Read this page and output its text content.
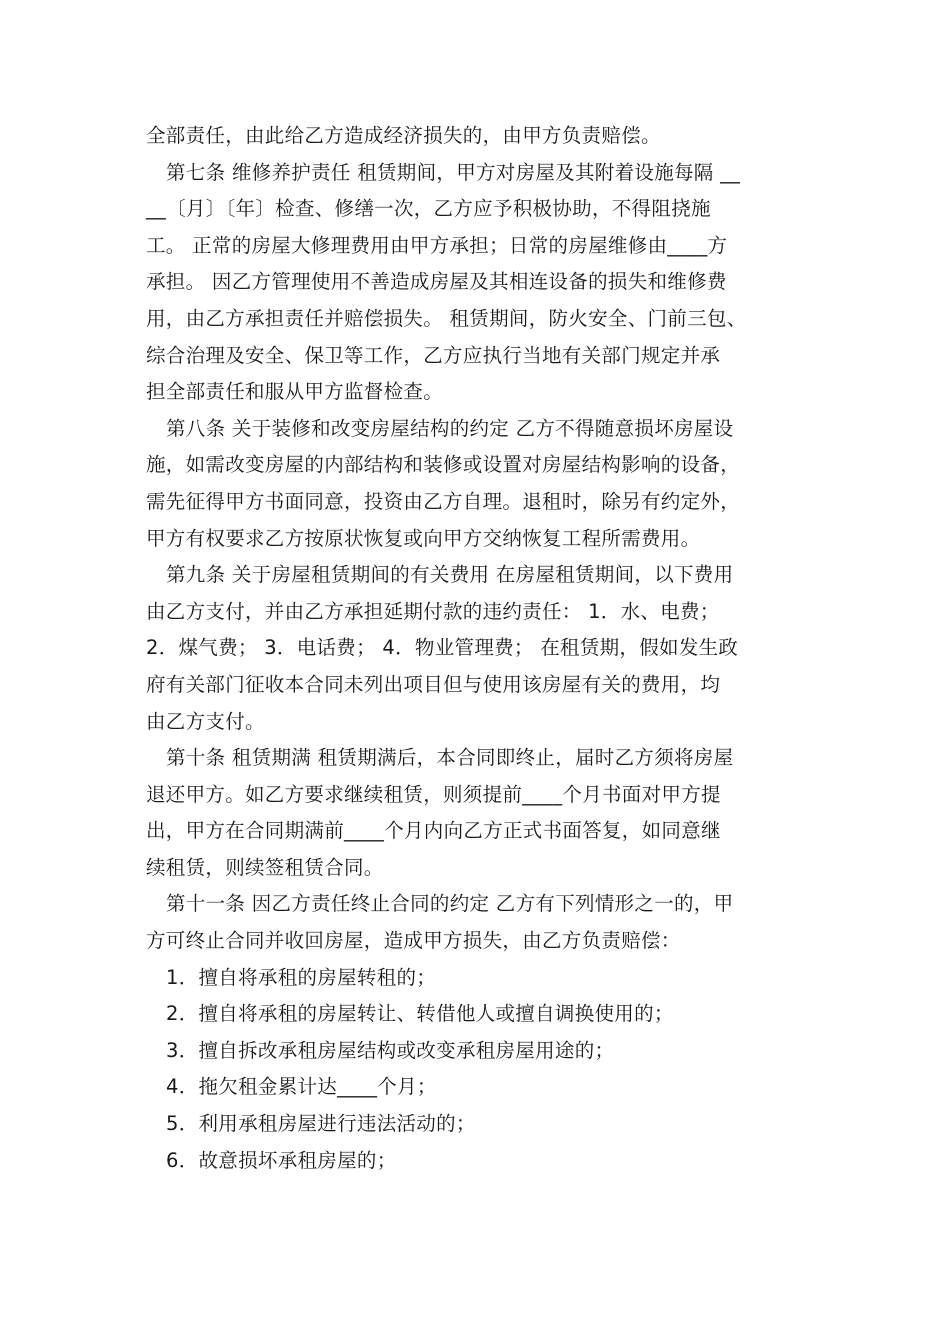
全部责任，由此给乙方造成经济损失的，由甲方负责赔偿。

第七条 维修养护责任 租赁期间，甲方对房屋及其附着设施每隔 __
__〔月〕〔年〕检查、修缮一次，乙方应予积极协助，不得阻挠施
工。 正常的房屋大修理费用由甲方承担；日常的房屋维修由____方
承担。 因乙方管理使用不善造成房屋及其相连设备的损失和维修费
用，由乙方承担责任并赔偿损失。 租赁期间，防火安全、门前三包、
综合治理及安全、保卫等工作，乙方应执行当地有关部门规定并承
担全部责任和服从甲方监督检查。

第八条 关于装修和改变房屋结构的约定 乙方不得随意损坏房屋设
施，如需改变房屋的内部结构和装修或设置对房屋结构影响的设备，
需先征得甲方书面同意，投资由乙方自理。退租时，除另有约定外，
甲方有权要求乙方按原状恢复或向甲方交纳恢复工程所需费用。

第九条 关于房屋租赁期间的有关费用 在房屋租赁期间，以下费用
由乙方支付，并由乙方承担延期付款的违约责任： 1．水、电费；
2．煤气费； 3．电话费； 4．物业管理费； 在租赁期，假如发生政
府有关部门征收本合同未列出项目但与使用该房屋有关的费用，均
由乙方支付。

第十条 租赁期满 租赁期满后，本合同即终止，届时乙方须将房屋
退还甲方。如乙方要求继续租赁，则须提前____个月书面对甲方提
出，甲方在合同期满前____个月内向乙方正式书面答复，如同意继
续租赁，则续签租赁合同。

第十一条 因乙方责任终止合同的约定 乙方有下列情形之一的，甲
方可终止合同并收回房屋，造成甲方损失，由乙方负责赔偿：

1．擅自将承租的房屋转租的；

2．擅自将承租的房屋转让、转借他人或擅自调换使用的；

3．擅自拆改承租房屋结构或改变承租房屋用途的；

4．拖欠租金累计达____个月；

5．利用承租房屋进行违法活动的；

6．故意损坏承租房屋的；
